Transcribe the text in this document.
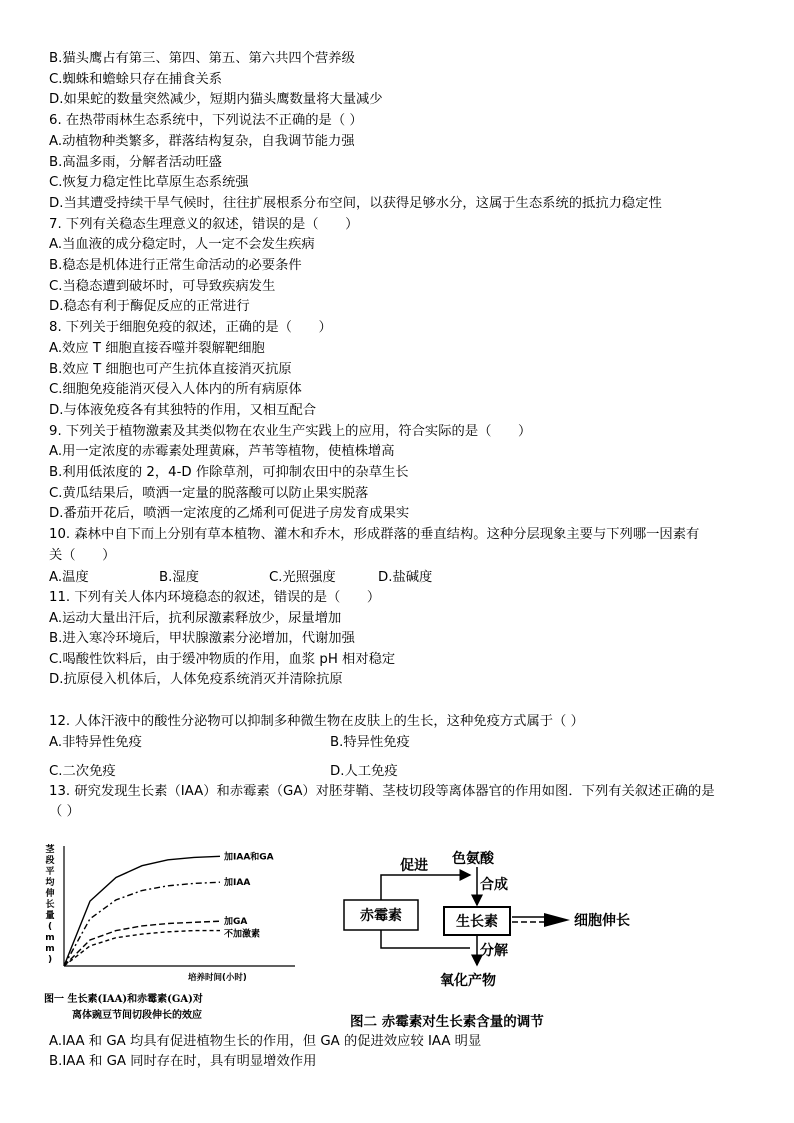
B.猫头鹰占有第三、第四、第五、第六共四个营养级
C.蜘蛛和蟾蜍只存在捕食关系
D.如果蛇的数量突然减少，短期内猫头鹰数量将大量减少
6. 在热带雨林生态系统中，下列说法不正确的是（ ）
A.动植物种类繁多，群落结构复杂，自我调节能力强
B.高温多雨，分解者活动旺盛
C.恢复力稳定性比草原生态系统强
D.当其遭受持续干旱气候时，往往扩展根系分布空间，以获得足够水分，这属于生态系统的抵抗力稳定性
7. 下列有关稳态生理意义的叙述，错误的是（　　）
A.当血液的成分稳定时，人一定不会发生疾病
B.稳态是机体进行正常生命活动的必要条件
C.当稳态遭到破坏时，可导致疾病发生
D.稳态有利于酶促反应的正常进行
8. 下列关于细胞免疫的叙述，正确的是（　　）
A.效应 T 细胞直接吞噬并裂解靶细胞
B.效应 T 细胞也可产生抗体直接消灭抗原
C.细胞免疫能消灭侵入人体内的所有病原体
D.与体液免疫各有其独特的作用，又相互配合
9. 下列关于植物激素及其类似物在农业生产实践上的应用，符合实际的是（　　）
A.用一定浓度的赤霉素处理黄麻，芦苇等植物，使植株增高
B.利用低浓度的 2，4-D 作除草剂，可抑制农田中的杂草生长
C.黄瓜结果后，喷洒一定量的脱落酸可以防止果实脱落
D.番茄开花后，喷洒一定浓度的乙烯利可促进子房发育成果实
10. 森林中自下而上分别有草本植物、灌木和乔木，形成群落的垂直结构。这种分层现象主要与下列哪一因素有
关（　　）
A.温度	B.湿度	C.光照强度	D.盐碱度
11. 下列有关人体内环境稳态的叙述，错误的是（　　）
A.运动大量出汗后，抗利尿激素释放少，尿量增加
B.进入寒冷环境后，甲状腺激素分泌增加，代谢加强
C.喝酸性饮料后，由于缓冲物质的作用，血浆 pH 相对稳定
D.抗原侵入机体后，人体免疫系统消灭并清除抗原
12. 人体汗液中的酸性分泌物可以抑制多种微生物在皮肤上的生长，这种免疫方式属于（ ）
A.非特异性免疫	B.特异性免疫
C.二次免疫	D.人工免疫
13. 研究发现生长素（IAA）和赤霉素（GA）对胚芽鞘、茎枝切段等离体器官的作用如图．下列有关叙述正确的是
（ ）
加IAA和GA
加IAA
加GA
不加激素
培养时间(小时)
图一 生长素(IAA)和赤霉素(GA)对
离体豌豆节间切段伸长的效应
茎
段
平
均
伸
长
量
(
m
m
)
赤霉素	生长素
色氨酸
促进
合成
细胞伸长
分解
氧化产物
图二 赤霉素对生长素含量的调节
A.IAA 和 GA 均具有促进植物生长的作用，但 GA 的促进效应较 IAA 明显
B.IAA 和 GA 同时存在时，具有明显增效作用
